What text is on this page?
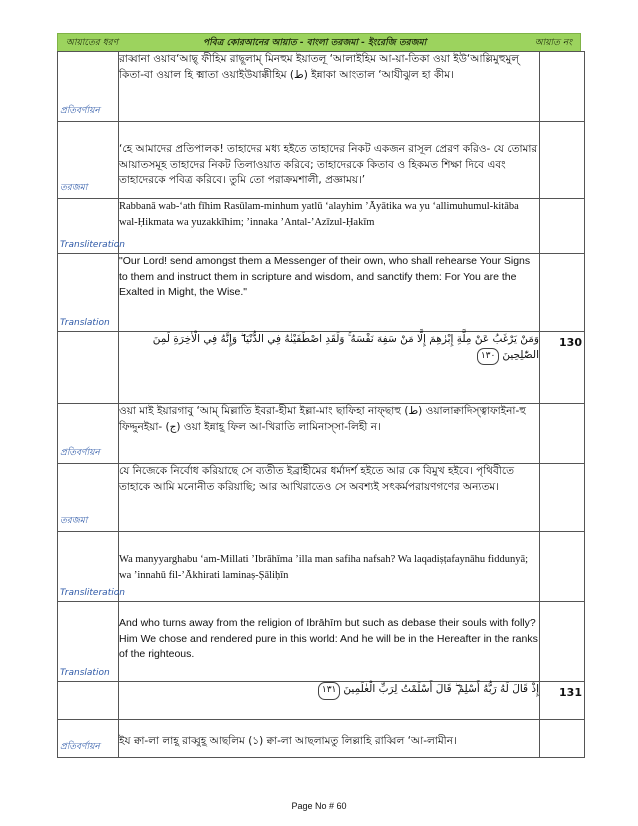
আয়াতের ধরণ	পবিত্র কোরআনের আয়াত - বাংলা তরজমা - ইংরেজি তরজমা	আয়াত নং
প্রতিবর্ণায়ন	রাব্বানা ওয়াব‘আছ্ ফীহিম রাছূলাম্ মিনহুম ইয়াতলূ ‘আলাইহিম আ-য়া-তিকা ওয়া ইউ‘আল্লিমুহুমুল্ কিতা-বা ওয়াল হি ক্মাতা ওয়াইউযাক্কীহিম (ط) ইন্নাকা আংতাল ‘আযীঝুল হা কীম।	

তরজমা	‘হে আমাদের প্রতিপালক! তাহাদের মধ্য হইতে তাহাদের নিকট একজন রাসূল প্রেরণ করিও- যে তোমার আয়াতসমূহ তাহাদের নিকট তিলাওয়াত করিবে; তাহাদেরকে কিতাব ও হিকমত শিক্ষা দিবে এবং তাহাদেরকে পবিত্র করিবে। তুমি তো পরাক্রমশালী, প্রজ্ঞাময়।’	

Transliteration	Rabbanā wab-‘ath fīhim Rasūlam-minhum yatlū ‘alayhim ’Āyātika wa yu ‘allimuhumul-kitāba wal-Ḥikmata wa yuzakkīhim; ’innaka ’Antal-’Azīzul-Ḥakīm	

Translation	"Our Lord! send amongst them a Messenger of their own, who shall rehearse Your Signs to them and instruct them in scripture and wisdom, and sanctify them: For You are the Exalted in Might, the Wise."	
	وَمَنْ يَرْغَبُ عَنْ مِلَّةِ إِبْرٰهِمَ إِلَّا مَنْ سَفِهَ نَفْسَهُ ۚ وَلَقَدِ اصْطَفَيْنٰهُ فِي الدُّنْيَا ۖ وَإِنَّهُ فِي الْاٰخِرَةِ لَمِنَ الصّٰلِحِينَ١٣٠	130

প্রতিবর্ণায়ন	ওয়া মাই ইয়ারগাবু ‘আম্ মিল্লাতি ইবরা-হীমা ইল্লা-মাং ছাফিহা নাফ্ছাহু (ط) ওয়ালাক্বাদিস্ত্বাফাইনা-হু ফিদ্দুনইয়া- (ج) ওয়া ইন্নাহূ ফিল আ-খিরাতি লামিনাস্সা-লিহী ন।	

তরজমা	যে নিজেকে নির্বোধ করিয়াছে সে ব্যতীত ইব্রাহীমের ধর্মাদর্শ হইতে আর কে বিমুখ হইবে। পৃথিবীতে তাহাকে আমি মনোনীত করিয়াছি; আর আখিরাতেও সে অবশ্যই সৎকর্মপরায়ণগণের অন্যতম।	

Transliteration	Wa manyyarghabu ‘am-Millati ’Ibrāhīma ’illa man safiha nafsah? Wa laqadiṣṭafaynāhu fiddunyā; wa ’innahū fil-’Ākhirati laminaṣ-Ṣāliḥīn	

Translation	And who turns away from the religion of Ibrāhīm but such as debase their souls with folly? Him We chose and rendered pure in this world: And he will be in the Hereafter in the ranks of the righteous.	
	إِذْ قَالَ لَهُ رَبُّهُ أَسْلِمْ ۖ قَالَ أَسْلَمْتُ لِرَبِّ الْعٰلَمِينَ١٣١	131

প্রতিবর্ণায়ন	ইয ক্বা-লা লাহূ রাব্বুহূ আছলিম (১) ক্বা-লা আছলামতু লিল্লাহি রাব্বিল ‘আ-লামীন।	
Page No # 60
